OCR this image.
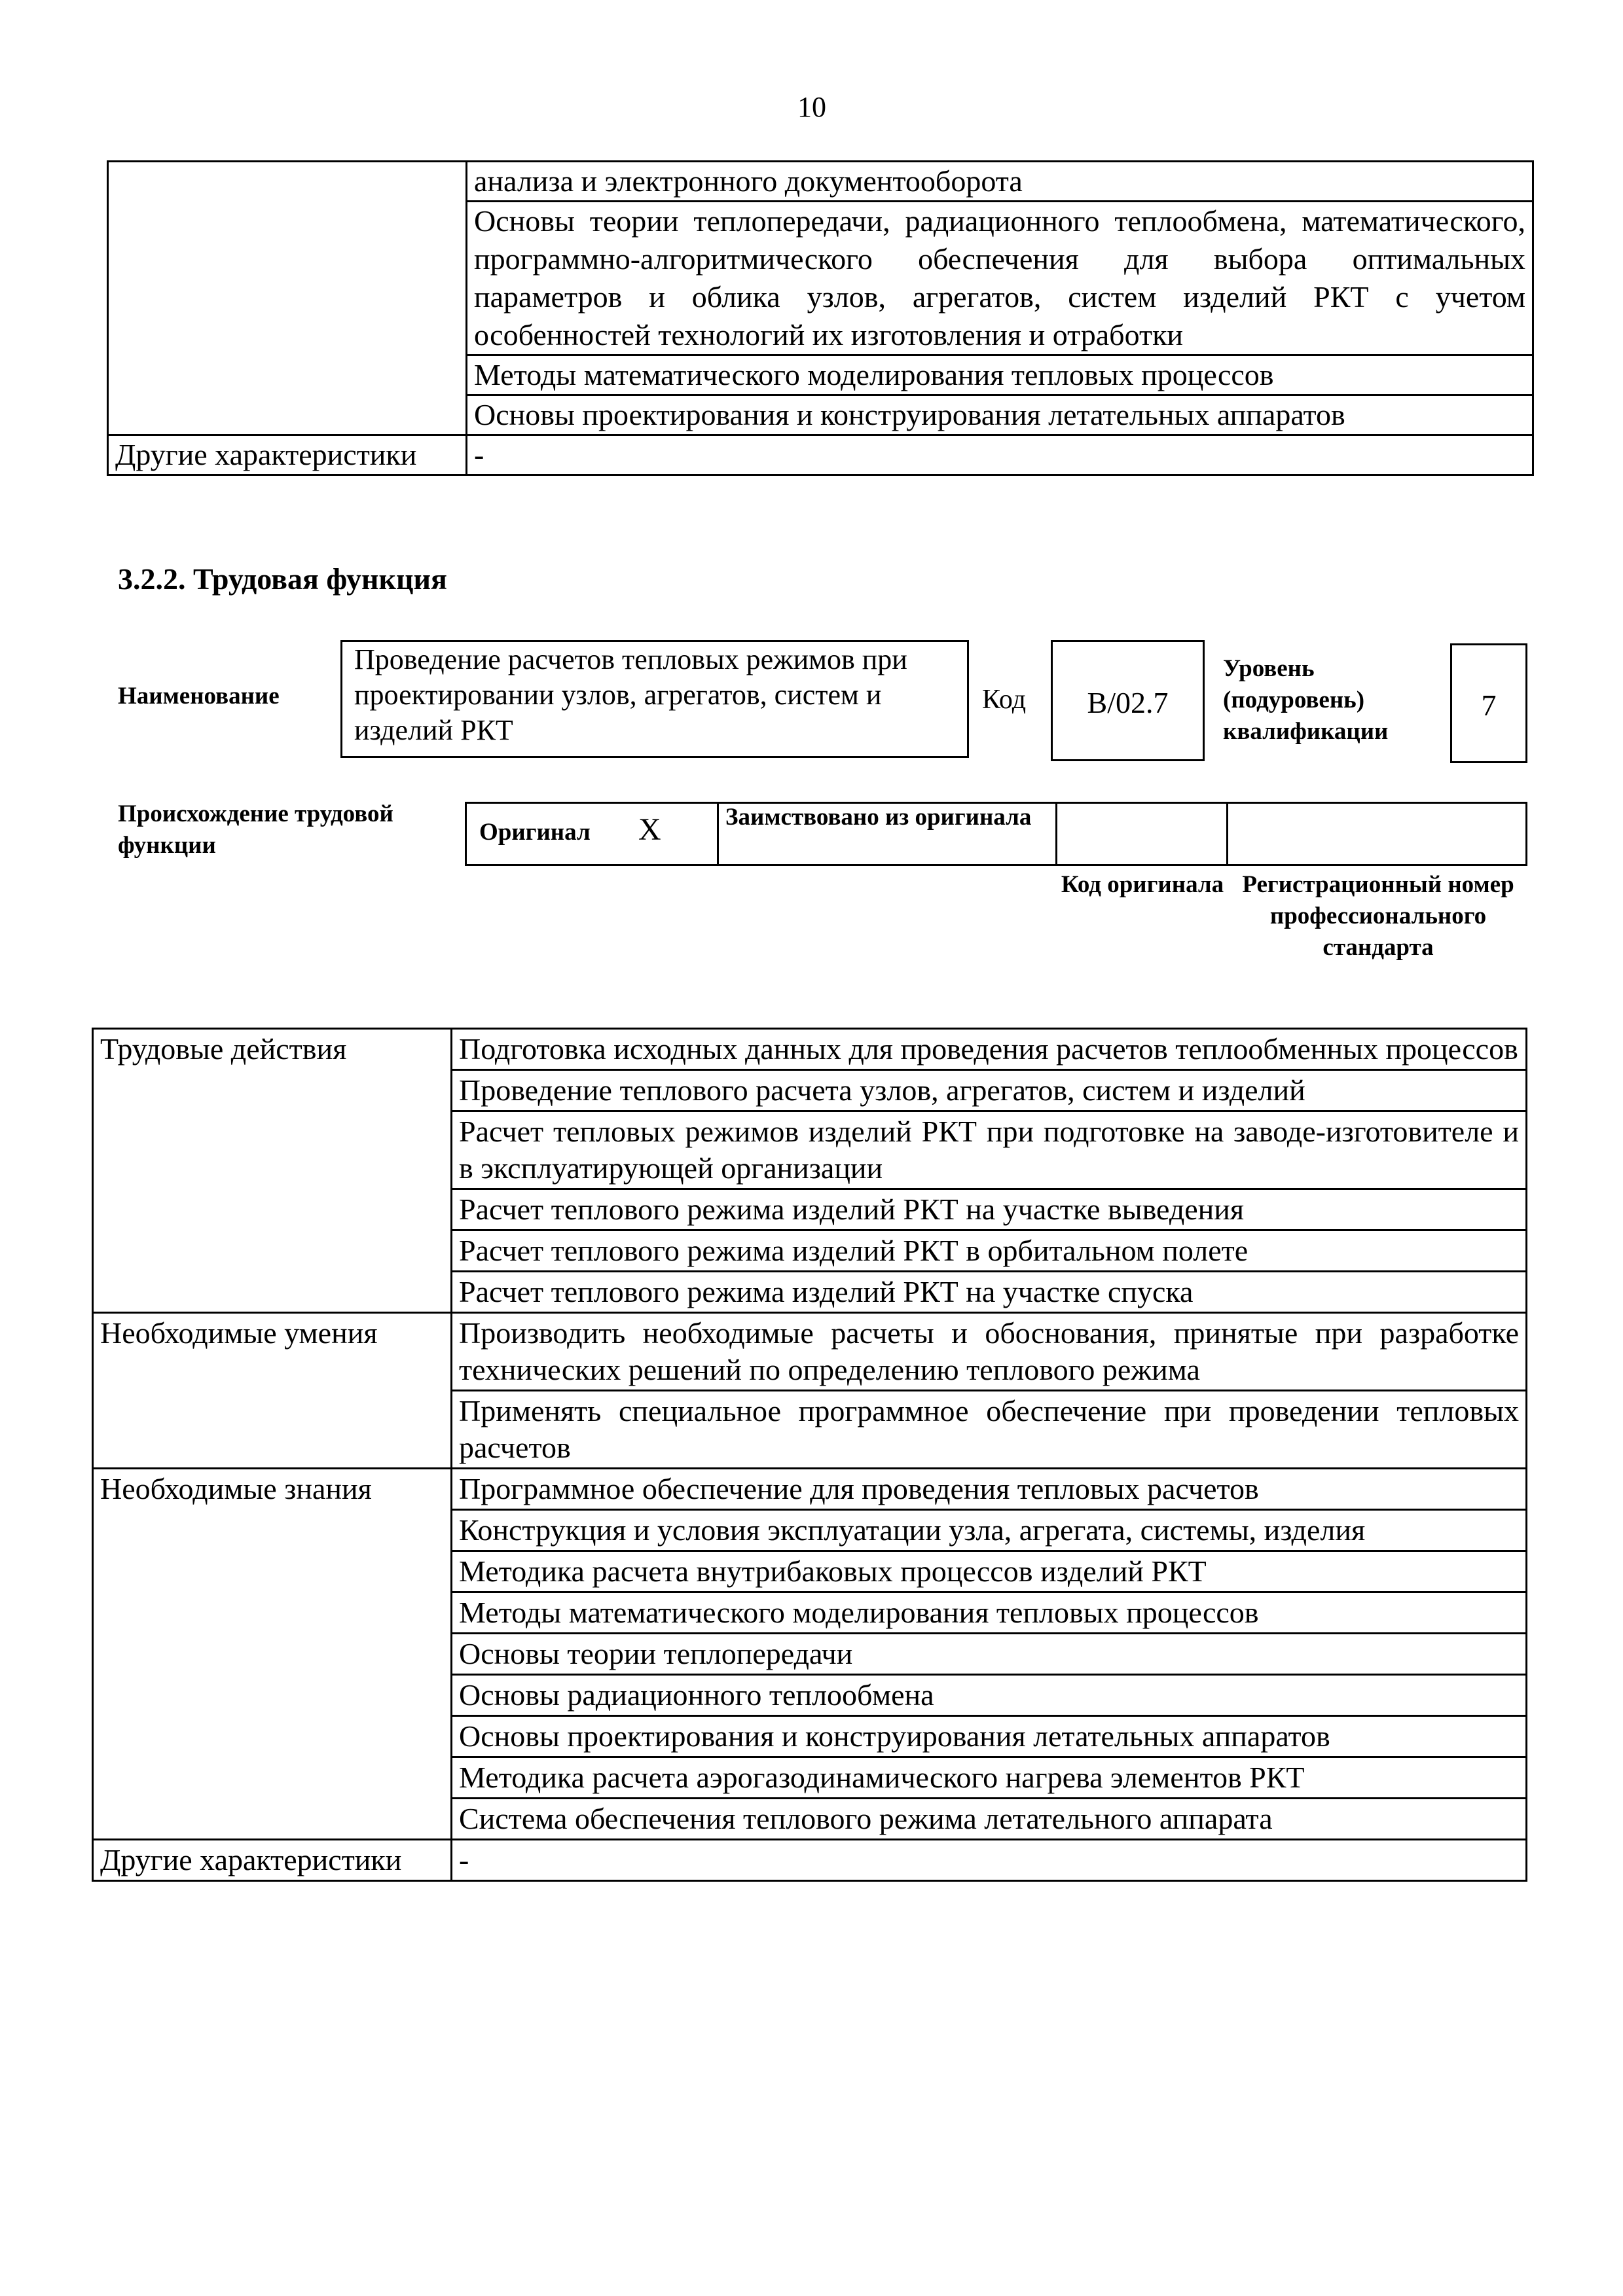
10
	анализа и электронного документооборота
	Основы теории теплопередачи, радиационного теплообмена, математического, программно-алгоритмического обеспечения для выбора оптимальных параметров и облика узлов, агрегатов, систем изделий РКТ с учетом особенностей технологий их изготовления и отработки
	Методы математического моделирования тепловых процессов
	Основы проектирования и конструирования летательных аппаратов
Другие характеристики	-
3.2.2. Трудовая функция
Наименование
Проведение расчетов тепловых режимов при проектировании узлов, агрегатов, систем и изделий РКТ
Код	B/02.7
Уровень (подуровень) квалификации
7
Происхождение трудовой функции	Оригинал X	Заимствовано из оригинала
Код оригинала Регистрационный номер профессионального стандарта
Трудовые действия	Подготовка исходных данных для проведения расчетов теплообменных процессов
	Проведение теплового расчета узлов, агрегатов, систем и изделий
	Расчет тепловых режимов изделий РКТ при подготовке на заводе-изготовителе и в эксплуатирующей организации
	Расчет теплового режима изделий РКТ на участке выведения
	Расчет теплового режима изделий РКТ в орбитальном полете
	Расчет теплового режима изделий РКТ на участке спуска
Необходимые умения	Производить необходимые расчеты и обоснования, принятые при разработке технических решений по определению теплового режима
	Применять специальное программное обеспечение при проведении тепловых расчетов
Необходимые знания	Программное обеспечение для проведения тепловых расчетов
	Конструкция и условия эксплуатации узла, агрегата, системы, изделия
	Методика расчета внутрибаковых процессов изделий РКТ
	Методы математического моделирования тепловых процессов
	Основы теории теплопередачи
	Основы радиационного теплообмена
	Основы проектирования и конструирования летательных аппаратов
	Методика расчета аэрогазодинамического нагрева элементов РКТ
	Система обеспечения теплового режима летательного аппарата
Другие характеристики	-
